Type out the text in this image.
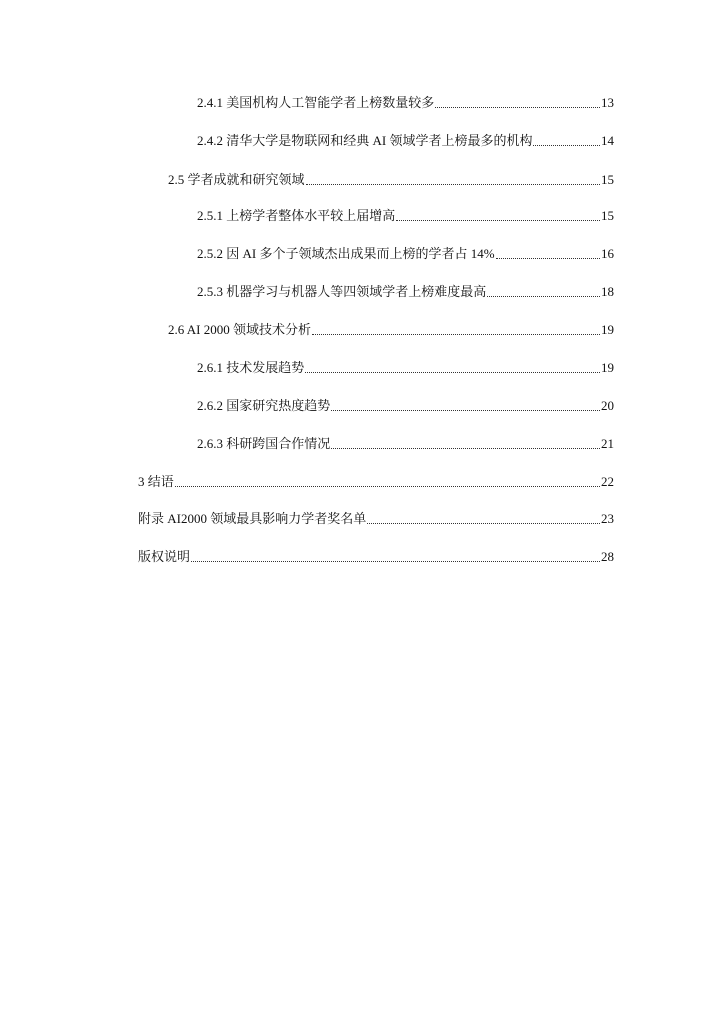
2.4.1 美国机构人工智能学者上榜数量较多	13
2.4.2 清华大学是物联网和经典 AI 领域学者上榜最多的机构	14
2.5 学者成就和研究领域	15
2.5.1 上榜学者整体水平较上届增高	15
2.5.2 因 AI 多个子领域杰出成果而上榜的学者占 14%	16
2.5.3 机器学习与机器人等四领域学者上榜难度最高	18
2.6 AI 2000 领域技术分析	19
2.6.1 技术发展趋势	19
2.6.2 国家研究热度趋势	20
2.6.3 科研跨国合作情况	21
3 结语	22
附录 AI2000 领域最具影响力学者奖名单	23
版权说明	28
